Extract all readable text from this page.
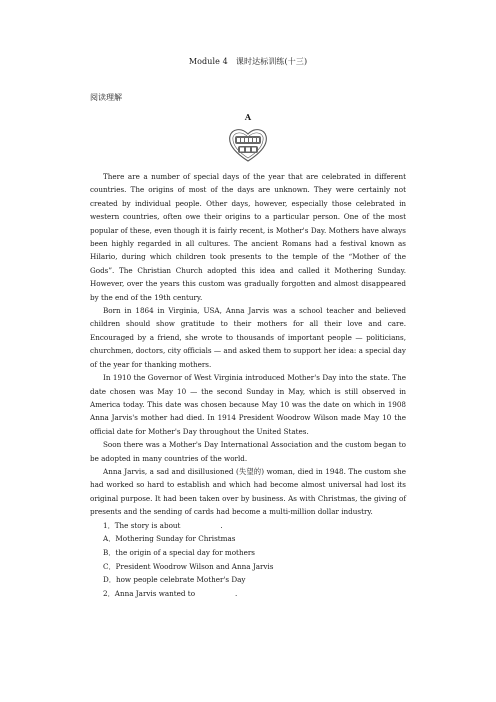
Module 4　课时达标训练(十三)
阅读理解
A

There are a number of special days of the year that are celebrated in different countries. The origins of most of the days are unknown. They were certainly not created by individual people. Other days, however, especially those celebrated in western countries, often owe their origins to a particular person. One of the most popular of these, even though it is fairly recent, is Mother's Day. Mothers have always been highly regarded in all cultures. The ancient Romans had a festival known as Hilario, during which children took presents to the temple of the “Mother of the Gods”. The Christian Church adopted this idea and called it Mothering Sunday. However, over the years this custom was gradually forgotten and almost disappeared by the end of the 19th century.

Born in 1864 in Virginia, USA, Anna Jarvis was a school teacher and believed children should show gratitude to their mothers for all their love and care. Encouraged by a friend, she wrote to thousands of important people — politicians, churchmen, doctors, city officials — and asked them to support her idea: a special day of the year for thanking mothers.

In 1910 the Governor of West Virginia introduced Mother's Day into the state. The date chosen was May 10 — the second Sunday in May, which is still observed in America today. This date was chosen because May 10 was the date on which in 1908 Anna Jarvis's mother had died. In 1914 President Woodrow Wilson made May 10 the official date for Mother's Day throughout the United States.

Soon there was a Mother's Day International Association and the custom began to be adopted in many countries of the world.

Anna Jarvis, a sad and disillusioned (失望的) woman, died in 1948. The custom she had worked so hard to establish and which had become almost universal had lost its original purpose. It had been taken over by business. As with Christmas, the giving of presents and the sending of cards had become a multi-million dollar industry.

1．The story is about	.

A．Mothering Sunday for Christmas

B．the origin of a special day for mothers

C．President Woodrow Wilson and Anna Jarvis

D．how people celebrate Mother's Day

2．Anna Jarvis wanted to	.
